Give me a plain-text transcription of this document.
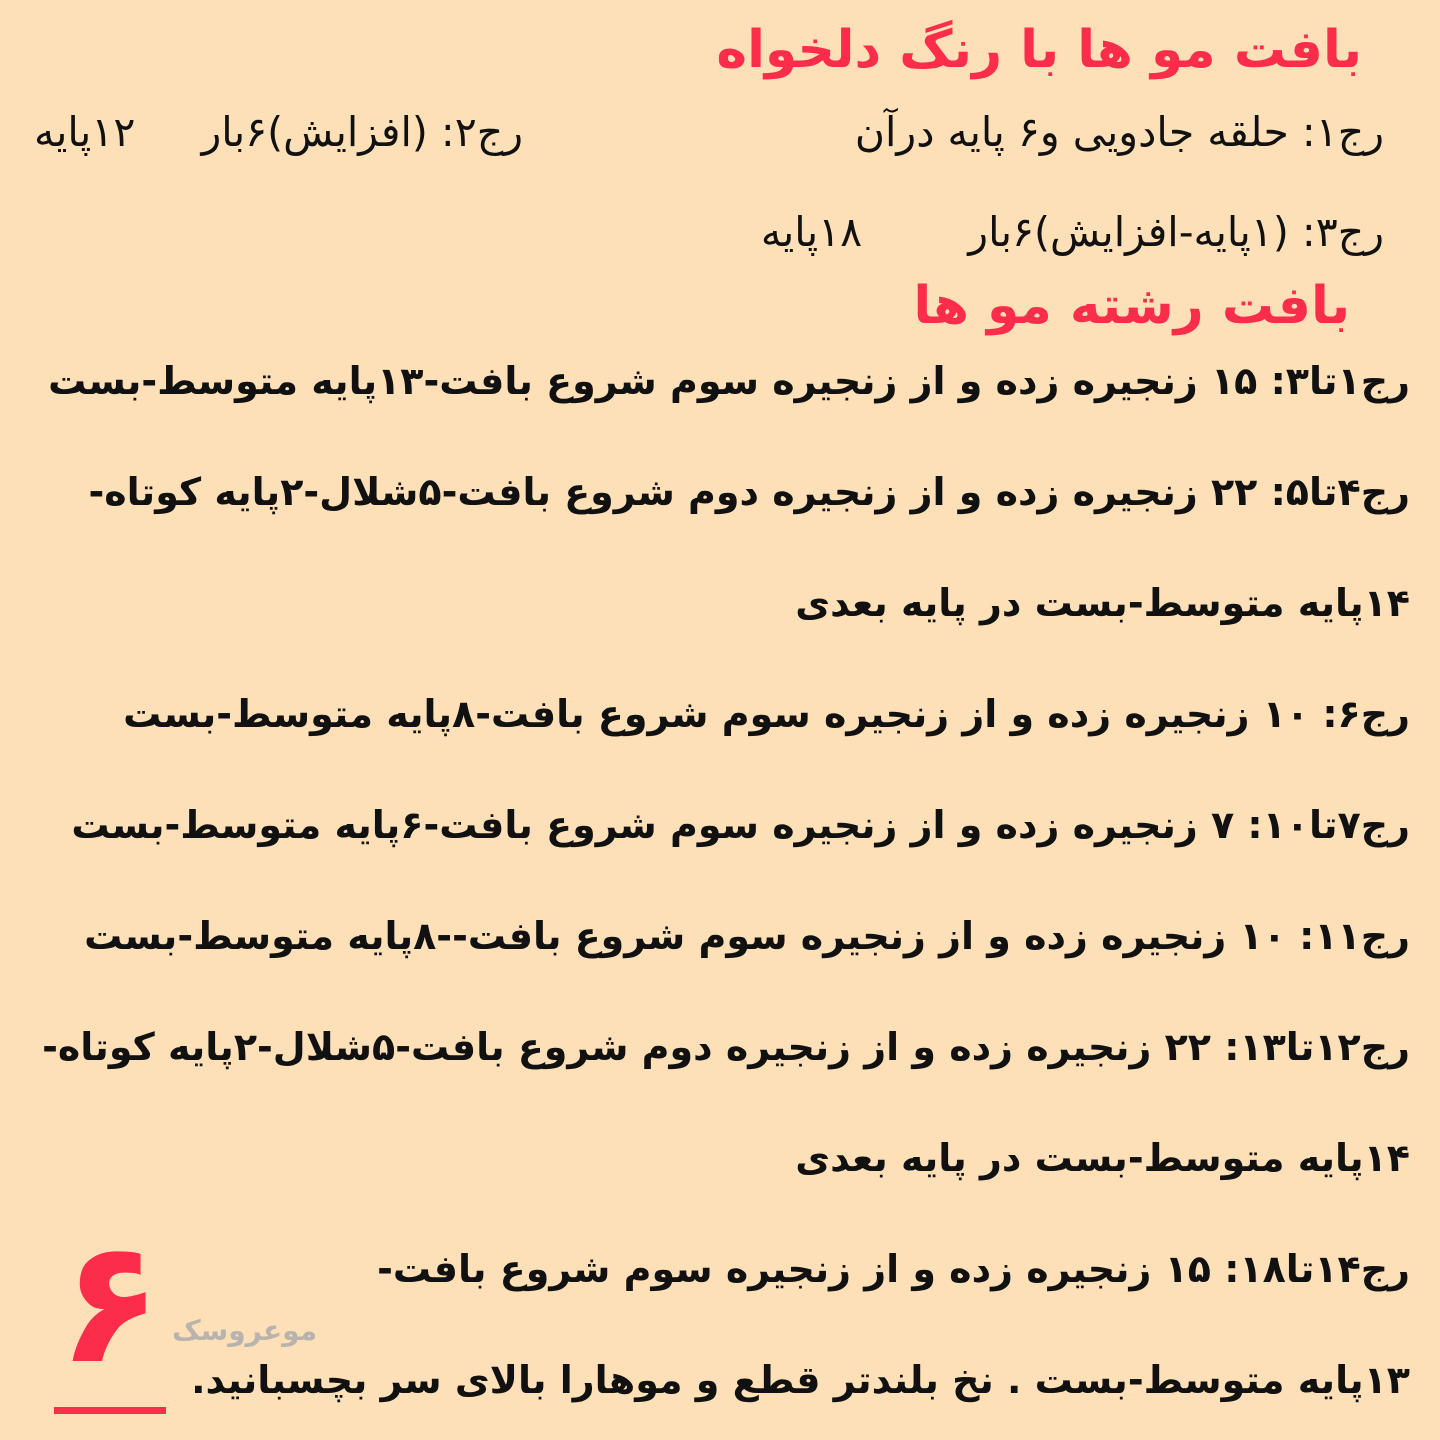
بافت مو ها با رنگ دلخواه
رج۱: حلقه جادویی و۶ پایه درآن
رج۲: (افزایش)۶بار  ۱۲پایه
رج۳: (۱پایه-افزایش)۶بار  ۱۸پایه
بافت رشته مو ها
رج۱تا۳: ۱۵ زنجیره زده و از زنجیره سوم شروع بافت-۱۳پایه متوسط-بست
رج۴تا۵: ۲۲ زنجیره زده و از زنجیره دوم شروع بافت-۵شلال-۲پایه کوتاه-
۱۴پایه متوسط-بست در پایه بعدی
رج۶: ۱۰ زنجیره زده و از زنجیره سوم شروع بافت-۸پایه متوسط-بست
رج۷تا۱۰: ۷ زنجیره زده و از زنجیره سوم شروع بافت-۶پایه متوسط-بست
رج۱۱: ۱۰ زنجیره زده و از زنجیره سوم شروع بافت--۸پایه متوسط-بست
رج۱۲تا۱۳: ۲۲ زنجیره زده و از زنجیره دوم شروع بافت-۵شلال-۲پایه کوتاه-
۱۴پایه متوسط-بست در پایه بعدی
رج۱۴تا۱۸: ۱۵ زنجیره زده و از زنجیره سوم شروع بافت-
۱۳پایه متوسط-بست . نخ بلندتر قطع و موهارا بالای سر بچسبانید.
۶ موعروسک
